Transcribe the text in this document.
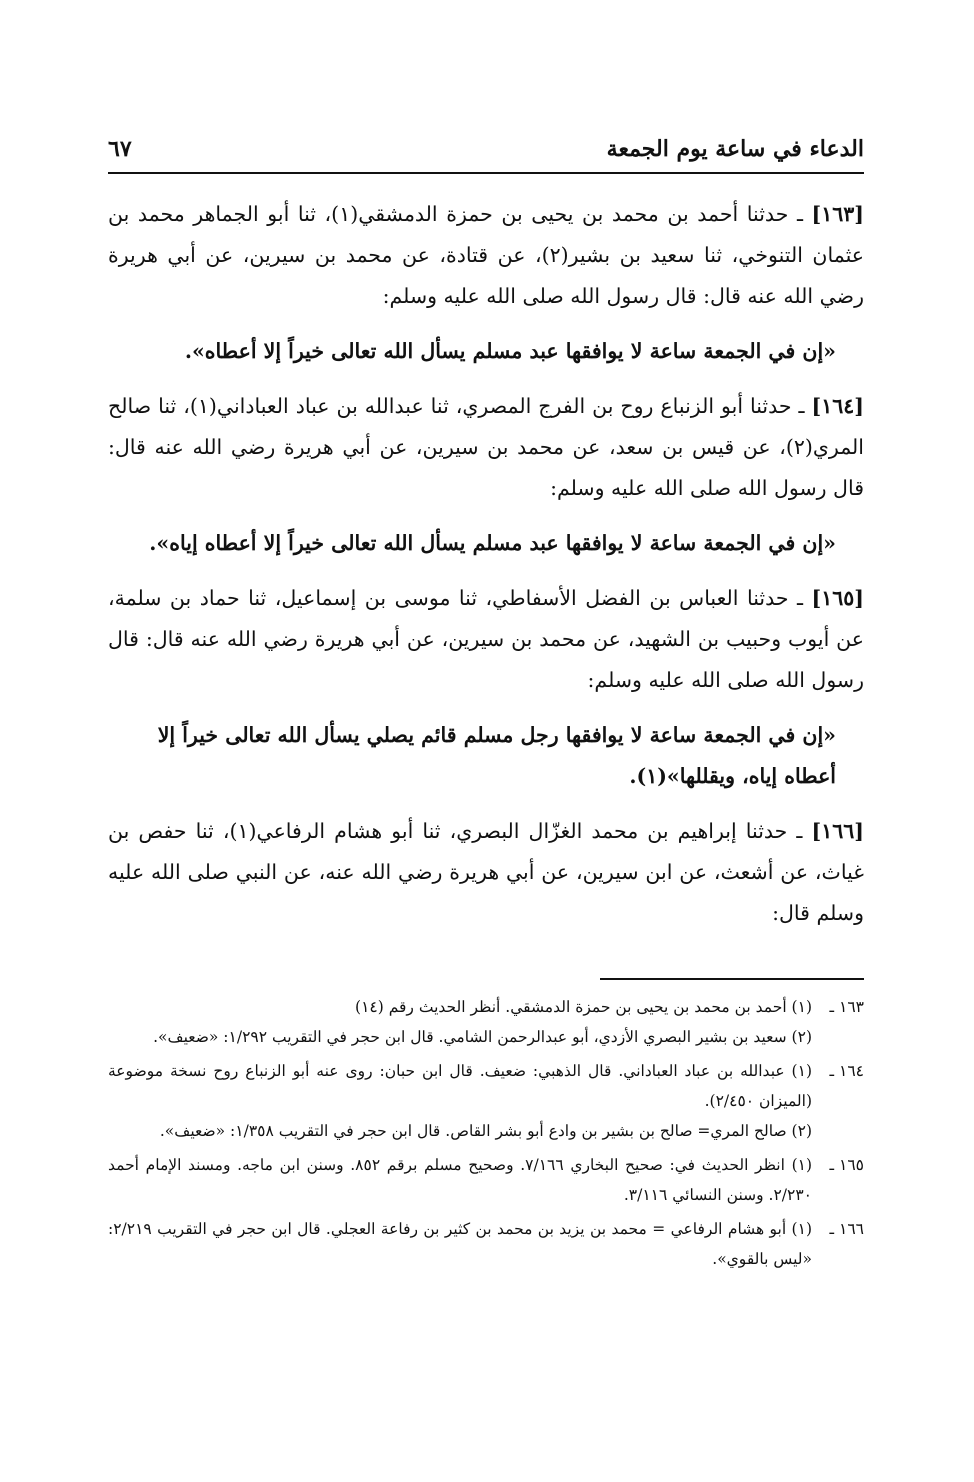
الدعاء في ساعة يوم الجمعة
٦٧

[١٦٣] ـ حدثنا أحمد بن محمد بن يحيى بن حمزة الدمشقي(١)، ثنا أبو الجماهر محمد بن عثمان التنوخي، ثنا سعيد بن بشير(٢)، عن قتادة، عن محمد بن سيرين، عن أبي هريرة رضي الله عنه قال: قال رسول الله صلى الله عليه وسلم:

«إن في الجمعة ساعة لا يوافقها عبد مسلم يسأل الله تعالى خيراً إلا أعطاه».

[١٦٤] ـ حدثنا أبو الزنباع روح بن الفرج المصري، ثنا عبدالله بن عباد العباداني(١)، ثنا صالح المري(٢)، عن قيس بن سعد، عن محمد بن سيرين، عن أبي هريرة رضي الله عنه قال: قال رسول الله صلى الله عليه وسلم:

«إن في الجمعة ساعة لا يوافقها عبد مسلم يسأل الله تعالى خيراً إلا أعطاه إياه».

[١٦٥] ـ حدثنا العباس بن الفضل الأسفاطي، ثنا موسى بن إسماعيل، ثنا حماد بن سلمة، عن أيوب وحبيب بن الشهيد، عن محمد بن سيرين، عن أبي هريرة رضي الله عنه قال: قال رسول الله صلى الله عليه وسلم:

«إن في الجمعة ساعة لا يوافقها رجل مسلم قائم يصلي يسأل الله تعالى خيراً إلا أعطاه إياه، ويقللها»(١).

[١٦٦] ـ حدثنا إبراهيم بن محمد الغزّال البصري، ثنا أبو هشام الرفاعي(١)، ثنا حفص بن غياث، عن أشعث، عن ابن سيرين، عن أبي هريرة رضي الله عنه، عن النبي صلى الله عليه وسلم قال:

١٦٣ ـ

(١) أحمد بن محمد بن يحيى بن حمزة الدمشقي. أنظر الحديث رقم (١٤)

(٢) سعيد بن بشير البصري الأزدي، أبو عبدالرحمن الشامي. قال ابن حجر في التقريب ١/٢٩٢: «ضعيف».

١٦٤ ـ

(١) عبدالله بن عباد العباداني. قال الذهبي: ضعيف. قال ابن حبان: روى عنه أبو الزنباع روح نسخة موضوعة (الميزان ٢/٤٥٠).

(٢) صالح المري= صالح بن بشير بن وادع أبو بشر القاص. قال ابن حجر في التقريب ١/٣٥٨: «ضعيف».

١٦٥ ـ

(١) انظر الحديث في: صحيح البخاري ٧/١٦٦. وصحيح مسلم برقم ٨٥٢. وسنن ابن ماجه. ومسند الإمام أحمد ٢/٢٣٠. وسنن النسائي ٣/١١٦.

١٦٦ ـ

(١) أبو هشام الرفاعي = محمد بن يزيد بن محمد بن كثير بن رفاعة العجلي. قال ابن حجر في التقريب ٢/٢١٩: «ليس بالقوي».
